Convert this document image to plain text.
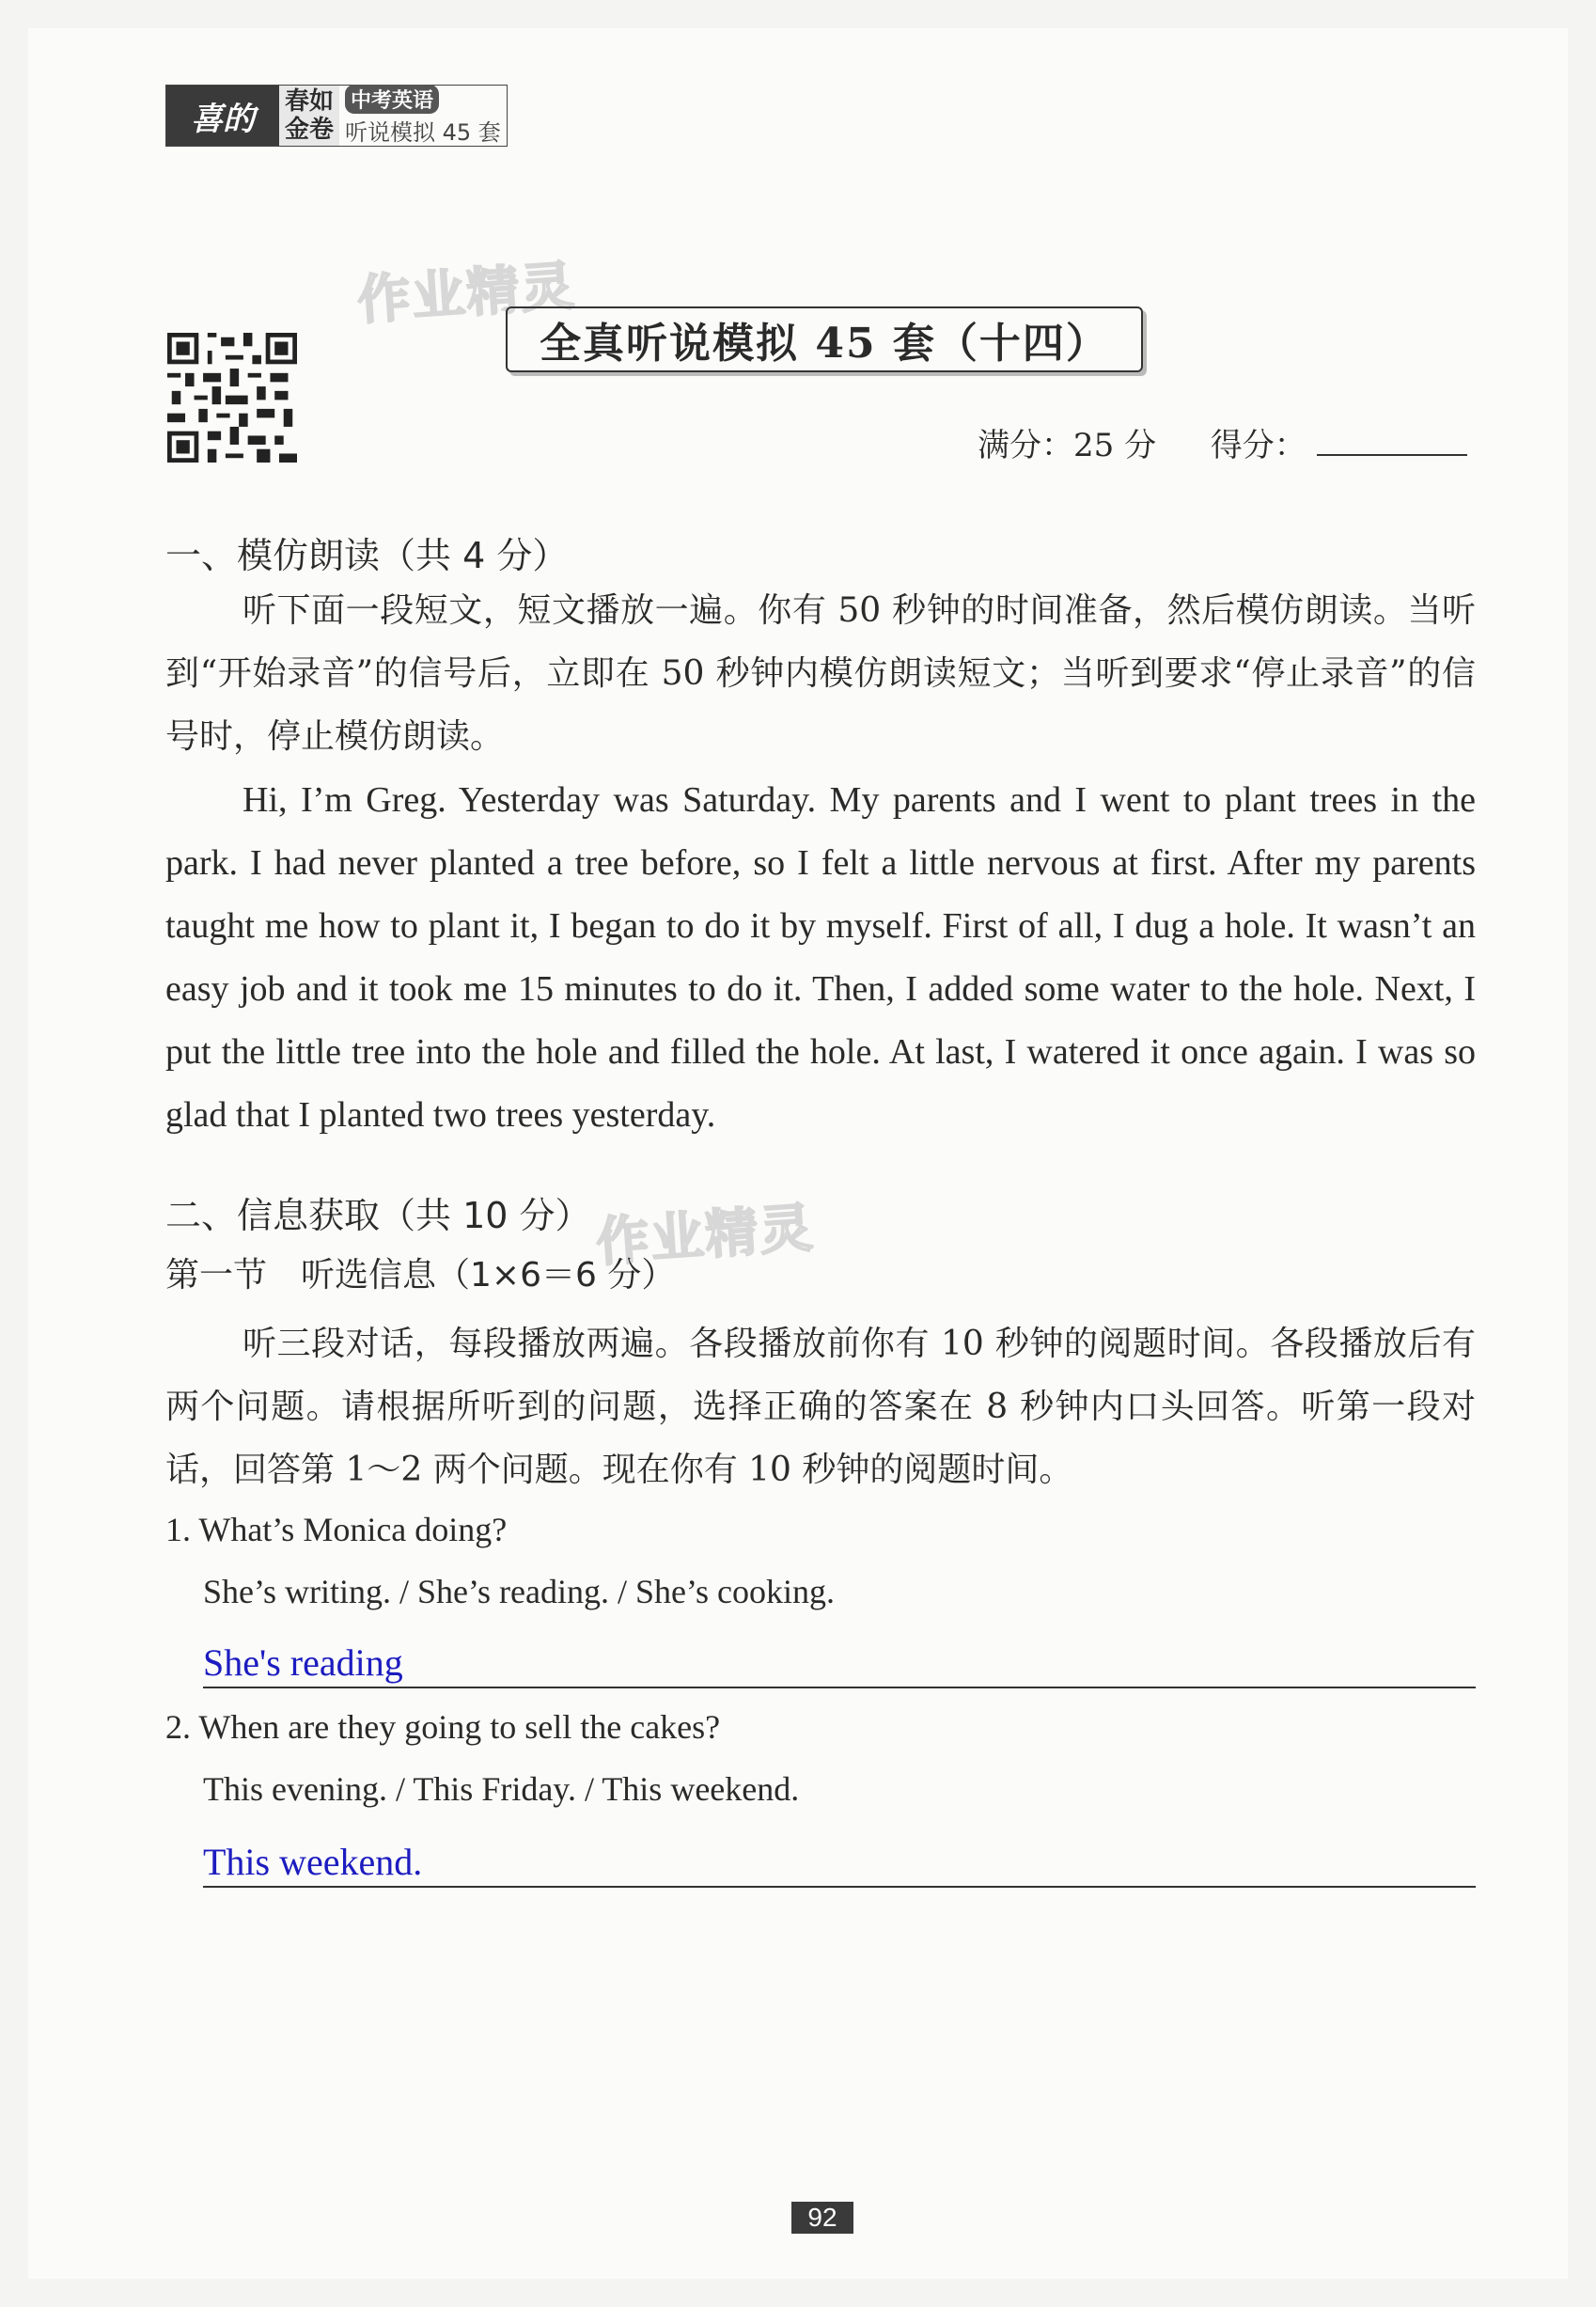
喜的	春如
金卷
中考英语
听说模拟 45 套
作业精灵
作业精灵
全真听说模拟 45 套（十四）
满分：25 分 得分：
一、模仿朗读（共 4 分）
听下面一段短文，短文播放一遍。你有 50 秒钟的时间准备，然后模仿朗读。当听到“开始录音”的信号后，立即在 50 秒钟内模仿朗读短文；当听到要求“停止录音”的信号时，停止模仿朗读。
Hi, I’m Greg. Yesterday was Saturday. My parents and I went to plant trees in the park. I had never planted a tree before, so I felt a little nervous at first. After my parents taught me how to plant it, I began to do it by myself. First of all, I dug a hole. It wasn’t an easy job and it took me 15 minutes to do it. Then, I added some water to the hole. Next, I put the little tree into the hole and filled the hole. At last, I watered it once again. I was so glad that I planted two trees yesterday.
二、信息获取（共 10 分）
第一节　听选信息（1×6＝6 分）
听三段对话，每段播放两遍。各段播放前你有 10 秒钟的阅题时间。各段播放后有两个问题。请根据所听到的问题，选择正确的答案在 8 秒钟内口头回答。听第一段对话，回答第 1～2 两个问题。现在你有 10 秒钟的阅题时间。
1. What’s Monica doing?
She’s writing. / She’s reading. / She’s cooking.
She's reading
2. When are they going to sell the cakes?
This evening. / This Friday. / This weekend.
This weekend.
92
